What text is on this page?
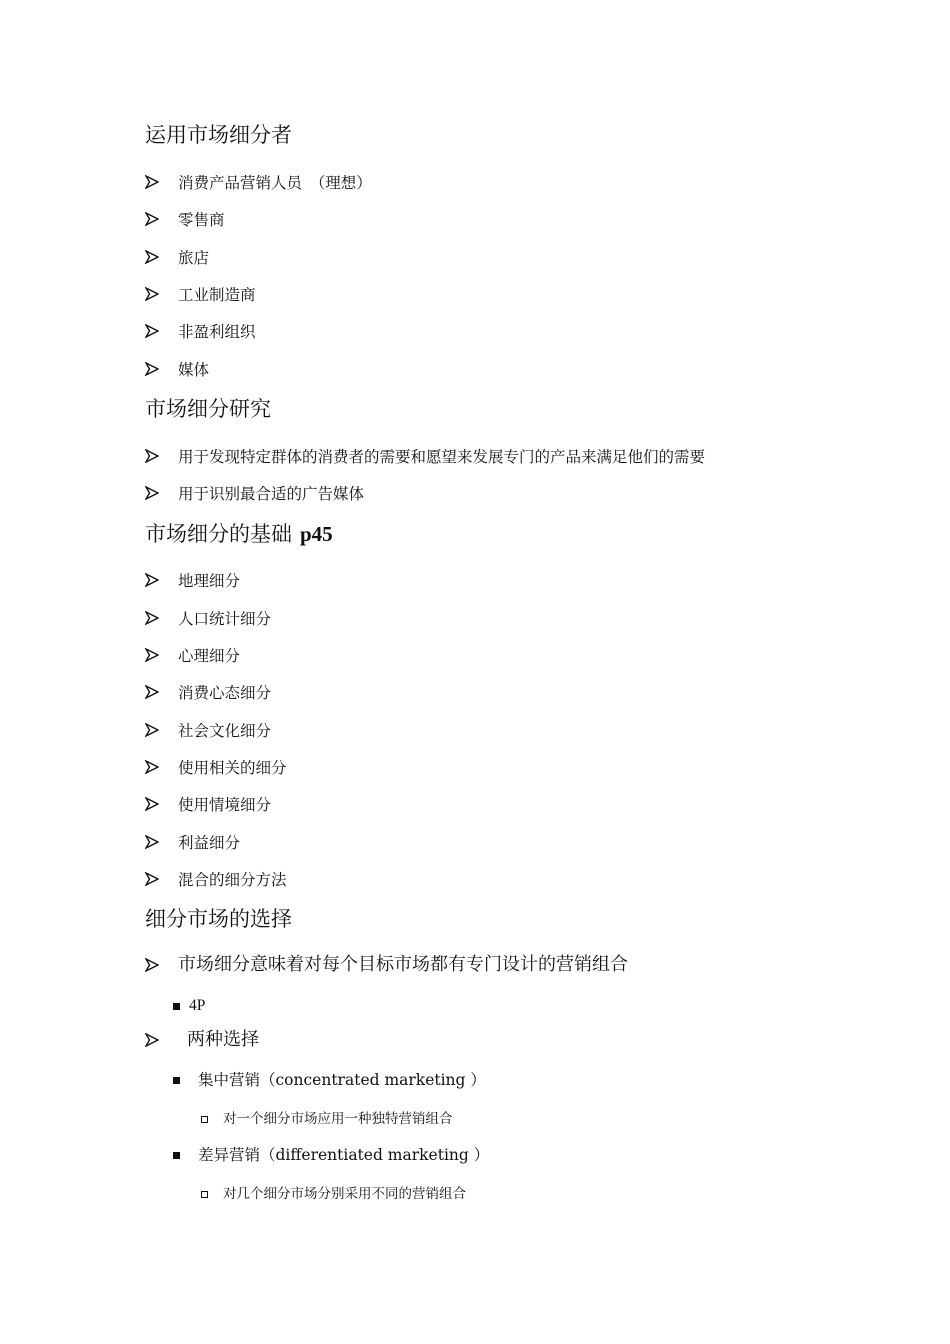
运用市场细分者
消费产品营销人员　（理想）
零售商
旅店
工业制造商
非盈利组织
媒体
市场细分研究
用于发现特定群体的消费者的需要和愿望来发展专门的产品来满足他们的需要
用于识别最合适的广告媒体
市场细分的基础 p45
地理细分
人口统计细分
心理细分
消费心态细分
社会文化细分
使用相关的细分
使用情境细分
利益细分
混合的细分方法
细分市场的选择
市场细分意味着对每个目标市场都有专门设计的营销组合
4P
两种选择
集中营销（concentrated marketing ）
对一个细分市场应用一种独特营销组合
差异营销（differentiated marketing ）
对几个细分市场分别采用不同的营销组合
